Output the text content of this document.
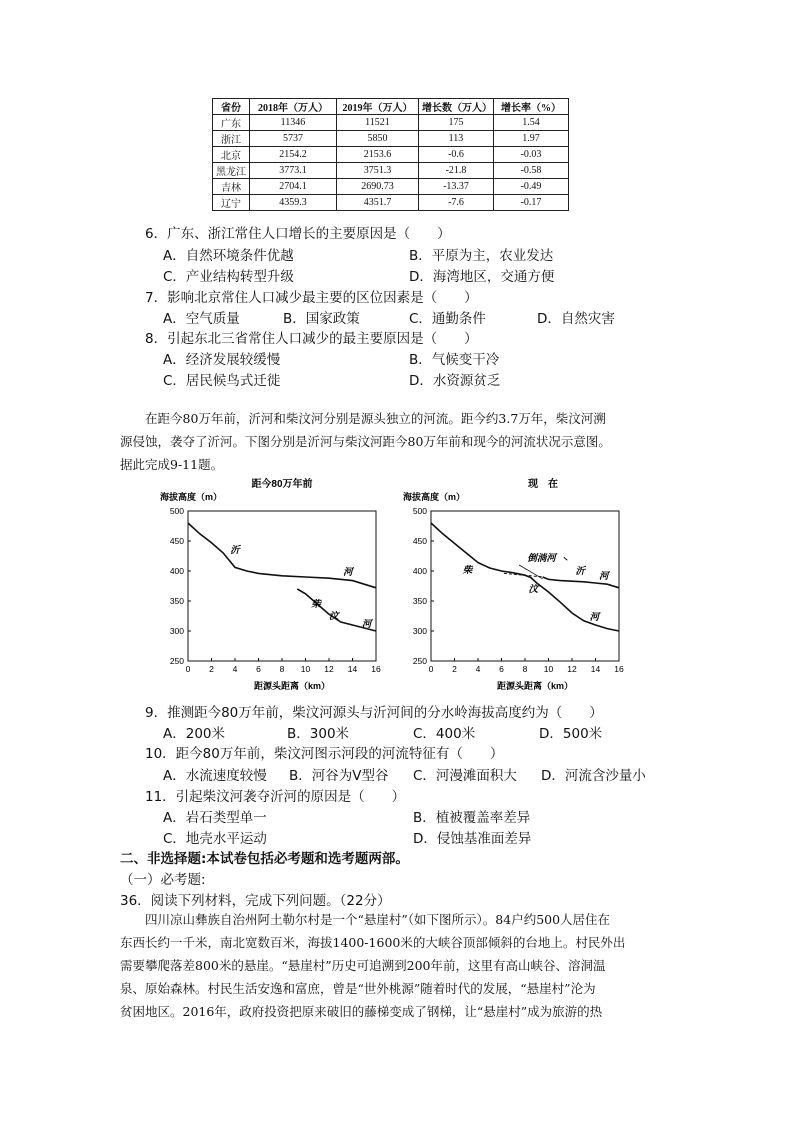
省份	2018年（万人）	2019年（万人）	增长数（万人）	增长率（%）
广东	11346	11521	175	1.54
浙江	5737	5850	113	1.97
北京	2154.2	2153.6	-0.6	-0.03
黑龙江	3773.1	3751.3	-21.8	-0.58
吉林	2704.1	2690.73	-13.37	-0.49
辽宁	4359.3	4351.7	-7.6	-0.17
6．广东、浙江常住人口增长的主要原因是（　　）
A．自然环境条件优越	B．平原为主，农业发达
C．产业结构转型升级	D．海湾地区，交通方便
7．影响北京常住人口减少最主要的区位因素是（　　）
A．空气质量	B．国家政策	C．通勤条件	D．自然灾害
8．引起东北三省常住人口减少的最主要原因是（　　）
A．经济发展较缓慢	B．气候变干冷
C．居民候鸟式迁徙	D．水资源贫乏
在距今80万年前，沂河和柴汶河分别是源头独立的河流。距今约3.7万年，柴汶河溯
源侵蚀，袭夺了沂河。下图分别是沂河与柴汶河距今80万年前和现今的河流状况示意图。
据此完成9-11题。
距今80万年前
海拔高度（m）
距源头距离（km）
0 2 4 6 8 10 12 14 16
250
300
350
400
450
500
沂
河
柴
汶
河
现　在
海拔高度（m）
距源头距离（km）
0 2 4 6 8 10 12 14 16
250
300
350
400
450
500
柴
倒淌河
沂 河
汶
河
9．推测距今80万年前，柴汶河源头与沂河间的分水岭海拔高度约为（　　）
A．200米	B．300米	C．400米	D．500米
10．距今80万年前，柴汶河图示河段的河流特征有（　　）
A．水流速度较慢 B．河谷为V型谷 C．河漫滩面积大 D．河流含沙量小
11．引起柴汶河袭夺沂河的原因是（　　）
A．岩石类型单一	B．植被覆盖率差异
C．地壳水平运动	D．侵蚀基准面差异
二、非选择题:本试卷包括必考题和选考题两部。
（一）必考题:
36．阅读下列材料，完成下列问题。（22分）
四川凉山彝族自治州阿土勒尔村是一个“悬崖村”（如下图所示）。84户约500人居住在
东西长约一千米，南北宽数百米，海拔1400-1600米的大峡谷顶部倾斜的台地上。村民外出
需要攀爬落差800米的悬崖。“悬崖村”历史可追溯到200年前，这里有高山峡谷、溶洞温
泉、原始森林。村民生活安逸和富庶，曾是“世外桃源”随着时代的发展，“悬崖村”沦为
贫困地区。2016年，政府投资把原来破旧的藤梯变成了钢梯，让“悬崖村”成为旅游的热
